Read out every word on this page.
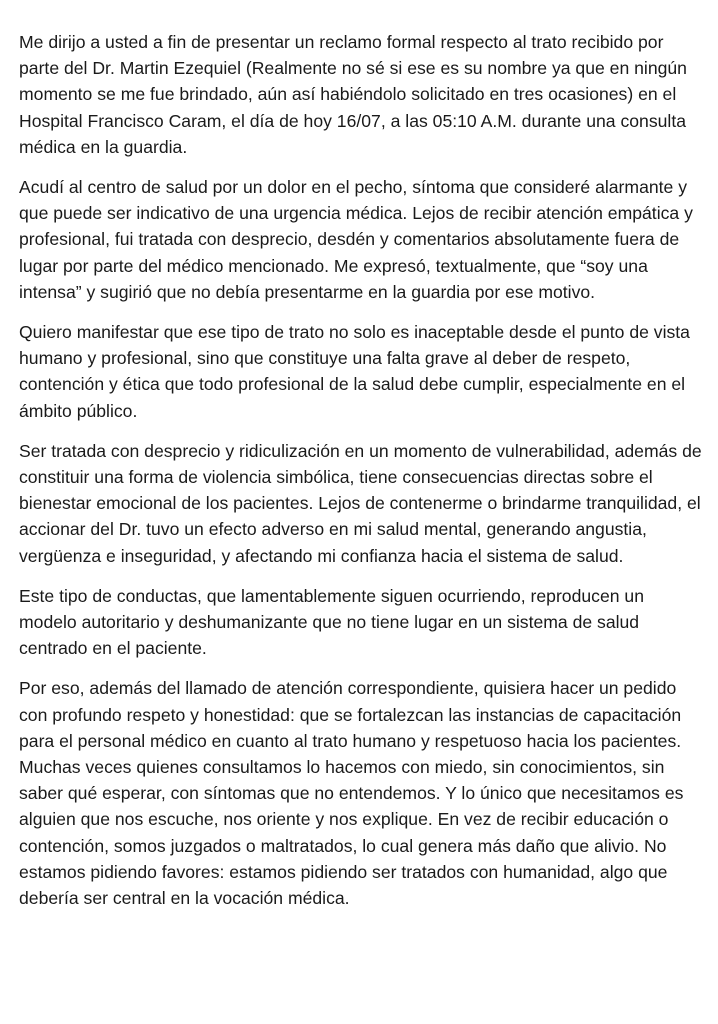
Me dirijo a usted a fin de presentar un reclamo formal respecto al trato recibido por parte del Dr. Martin Ezequiel (Realmente no sé si ese es su nombre ya que en ningún momento se me fue brindado, aún así habiéndolo solicitado en tres ocasiones) en el Hospital Francisco Caram, el día de hoy 16/07, a las 05:10 A.M. durante una consulta médica en la guardia.

Acudí al centro de salud por un dolor en el pecho, síntoma que consideré alarmante y que puede ser indicativo de una urgencia médica. Lejos de recibir atención empática y profesional, fui tratada con desprecio, desdén y comentarios absolutamente fuera de lugar por parte del médico mencionado. Me expresó, textualmente, que “soy una intensa” y sugirió que no debía presentarme en la guardia por ese motivo.

Quiero manifestar que ese tipo de trato no solo es inaceptable desde el punto de vista humano y profesional, sino que constituye una falta grave al deber de respeto, contención y ética que todo profesional de la salud debe cumplir, especialmente en el ámbito público.

Ser tratada con desprecio y ridiculización en un momento de vulnerabilidad, además de constituir una forma de violencia simbólica, tiene consecuencias directas sobre el bienestar emocional de los pacientes. Lejos de contenerme o brindarme tranquilidad, el accionar del Dr. tuvo un efecto adverso en mi salud mental, generando angustia, vergüenza e inseguridad, y afectando mi confianza hacia el sistema de salud.

Este tipo de conductas, que lamentablemente siguen ocurriendo, reproducen un modelo autoritario y deshumanizante que no tiene lugar en un sistema de salud centrado en el paciente.

Por eso, además del llamado de atención correspondiente, quisiera hacer un pedido con profundo respeto y honestidad: que se fortalezcan las instancias de capacitación para el personal médico en cuanto al trato humano y respetuoso hacia los pacientes. Muchas veces quienes consultamos lo hacemos con miedo, sin conocimientos, sin saber qué esperar, con síntomas que no entendemos. Y lo único que necesitamos es alguien que nos escuche, nos oriente y nos explique. En vez de recibir educación o contención, somos juzgados o maltratados, lo cual genera más daño que alivio. No estamos pidiendo favores: estamos pidiendo ser tratados con humanidad, algo que debería ser central en la vocación médica.
